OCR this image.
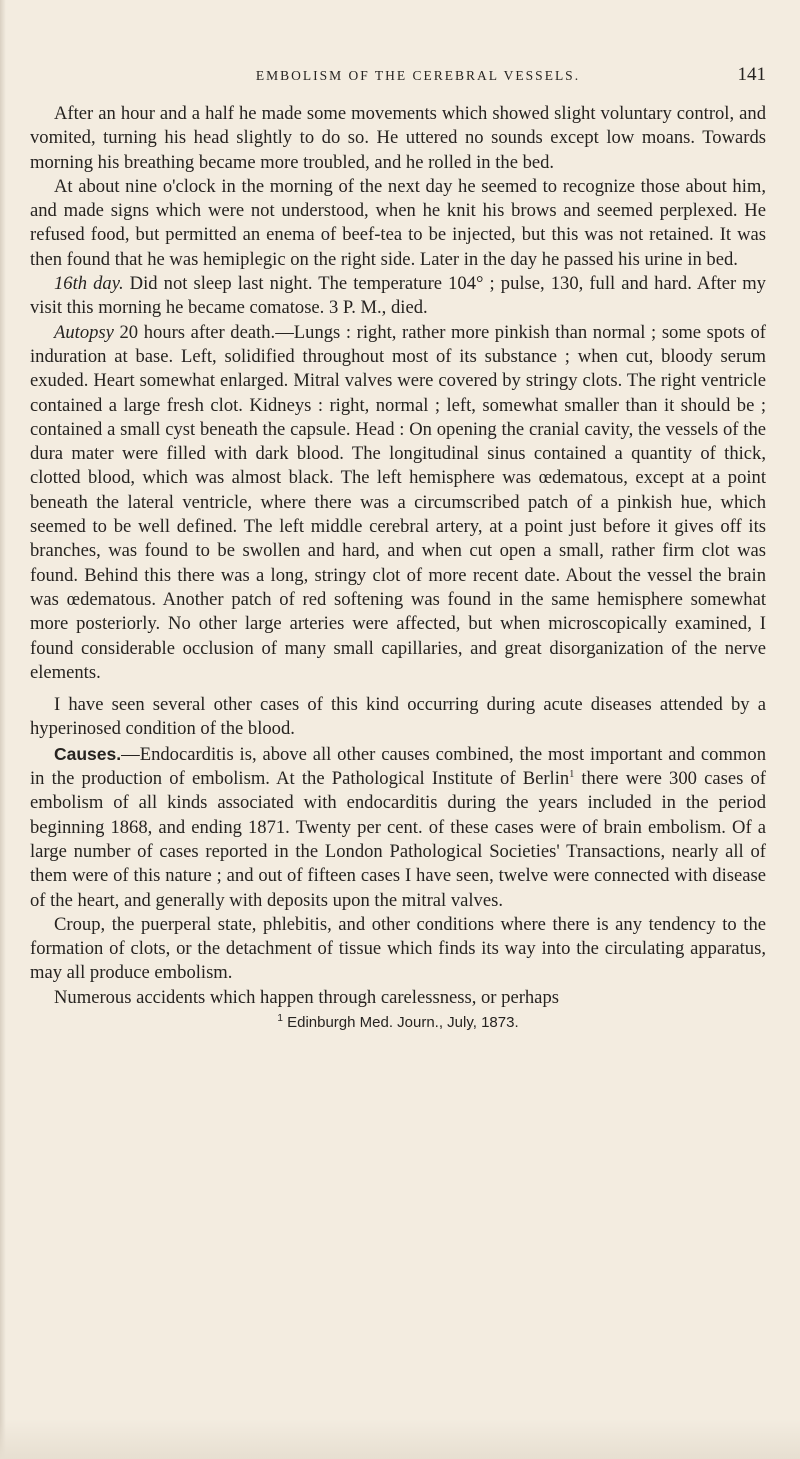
EMBOLISM OF THE CEREBRAL VESSELS.	141

After an hour and a half he made some movements which showed slight voluntary control, and vomited, turning his head slightly to do so. He uttered no sounds except low moans. Towards morning his breathing became more troubled, and he rolled in the bed.

At about nine o'clock in the morning of the next day he seemed to recognize those about him, and made signs which were not understood, when he knit his brows and seemed perplexed. He refused food, but permitted an enema of beef-tea to be injected, but this was not retained. It was then found that he was hemiplegic on the right side. Later in the day he passed his urine in bed.

16th day. Did not sleep last night. The temperature 104° ; pulse, 130, full and hard. After my visit this morning he became comatose. 3 P. M., died.

Autopsy 20 hours after death.—Lungs : right, rather more pinkish than normal ; some spots of induration at base. Left, solidified throughout most of its substance ; when cut, bloody serum exuded. Heart somewhat enlarged. Mitral valves were covered by stringy clots. The right ventricle contained a large fresh clot. Kidneys : right, normal ; left, somewhat smaller than it should be ; contained a small cyst beneath the capsule. Head : On opening the cranial cavity, the vessels of the dura mater were filled with dark blood. The longitudinal sinus contained a quantity of thick, clotted blood, which was almost black. The left hemisphere was œdematous, except at a point beneath the lateral ventricle, where there was a circumscribed patch of a pinkish hue, which seemed to be well defined. The left middle cerebral artery, at a point just before it gives off its branches, was found to be swollen and hard, and when cut open a small, rather firm clot was found. Behind this there was a long, stringy clot of more recent date. About the vessel the brain was œdematous. Another patch of red softening was found in the same hemisphere somewhat more posteriorly. No other large arteries were affected, but when microscopically examined, I found considerable occlusion of many small capillaries, and great disorganization of the nerve elements.

I have seen several other cases of this kind occurring during acute diseases attended by a hyperinosed condition of the blood.

Causes.—Endocarditis is, above all other causes combined, the most important and common in the production of embolism. At the Pathological Institute of Berlin$^1$ there were 300 cases of embolism of all kinds associated with endocarditis during the years included in the period beginning 1868, and ending 1871. Twenty per cent. of these cases were of brain embolism. Of a large number of cases reported in the London Pathological Societies' Transactions, nearly all of them were of this nature ; and out of fifteen cases I have seen, twelve were connected with disease of the heart, and generally with deposits upon the mitral valves.

Croup, the puerperal state, phlebitis, and other conditions where there is any tendency to the formation of clots, or the detachment of tissue which finds its way into the circulating apparatus, may all produce embolism.

Numerous accidents which happen through carelessness, or perhaps

$^1$ Edinburgh Med. Journ., July, 1873.
